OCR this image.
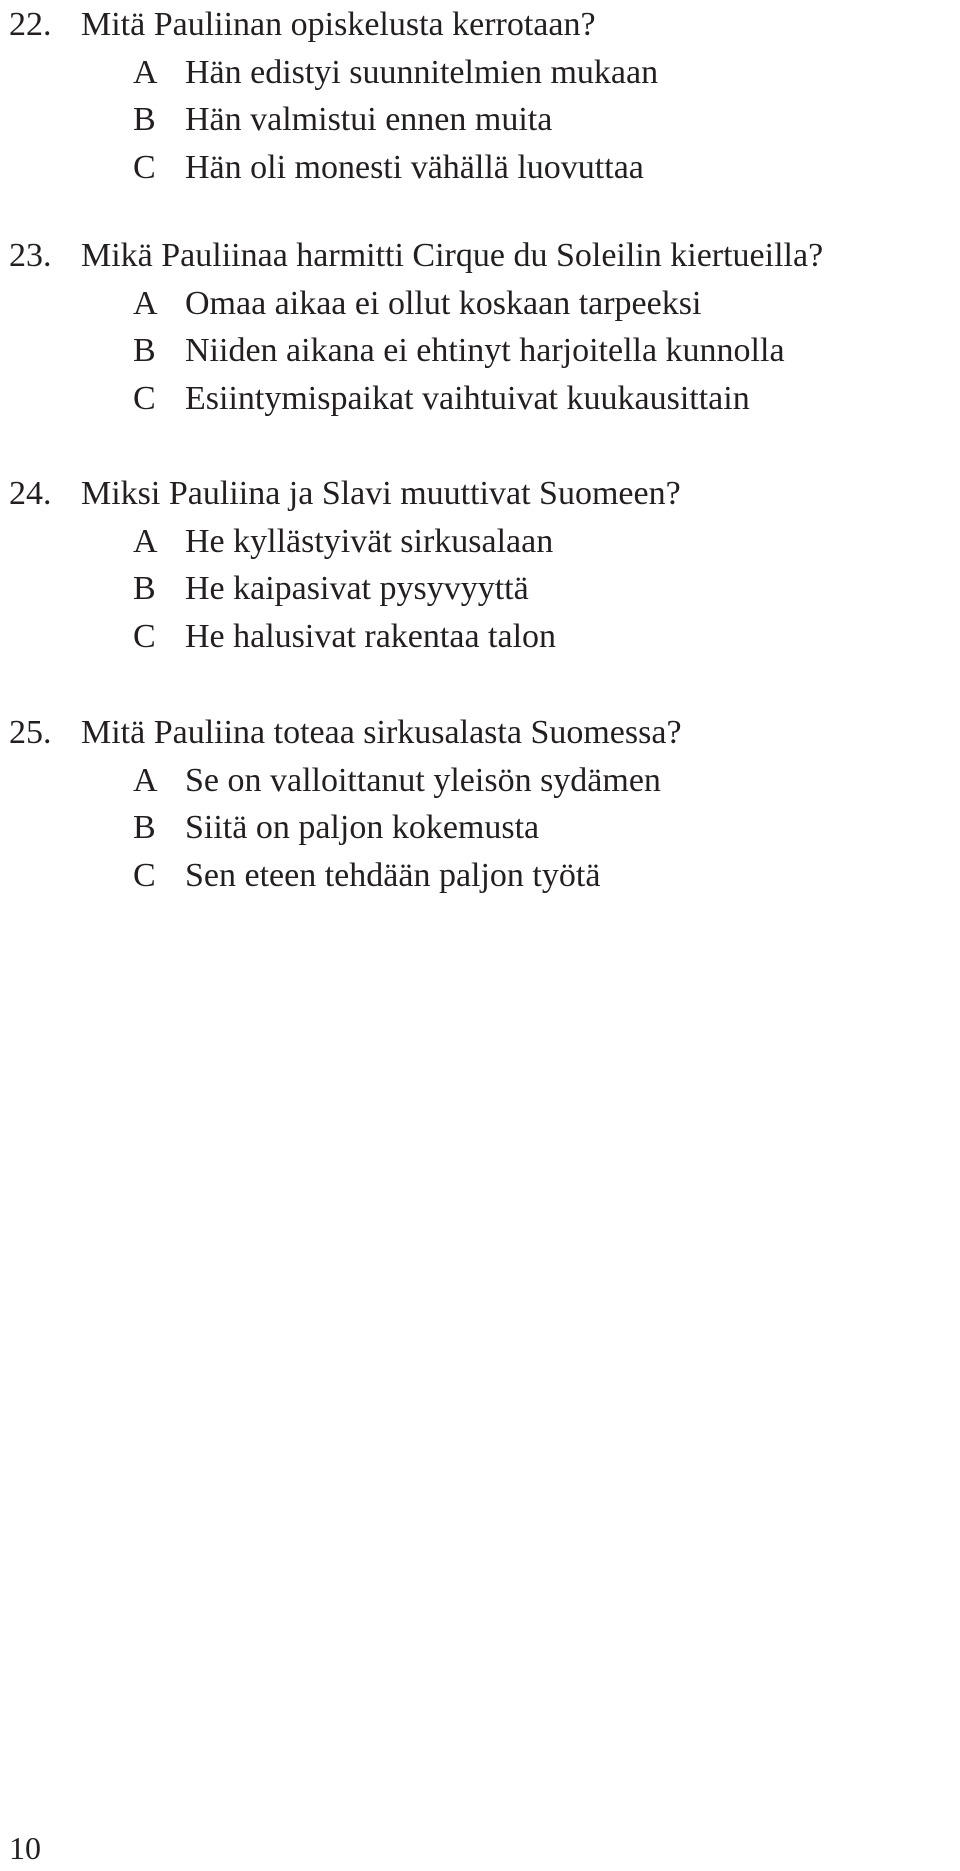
22. Mitä Pauliinan opiskelusta kerrotaan?
A Hän edistyi suunnitelmien mukaan
B Hän valmistui ennen muita
C Hän oli monesti vähällä luovuttaa
23. Mikä Pauliinaa harmitti Cirque du Soleilin kiertueilla?
A Omaa aikaa ei ollut koskaan tarpeeksi
B Niiden aikana ei ehtinyt harjoitella kunnolla
C Esiintymispaikat vaihtuivat kuukausittain
24. Miksi Pauliina ja Slavi muuttivat Suomeen?
A He kyllästyivät sirkusalaan
B He kaipasivat pysyvyyttä
C He halusivat rakentaa talon
25. Mitä Pauliina toteaa sirkusalasta Suomessa?
A Se on valloittanut yleisön sydämen
B Siitä on paljon kokemusta
C Sen eteen tehdään paljon työtä
10
